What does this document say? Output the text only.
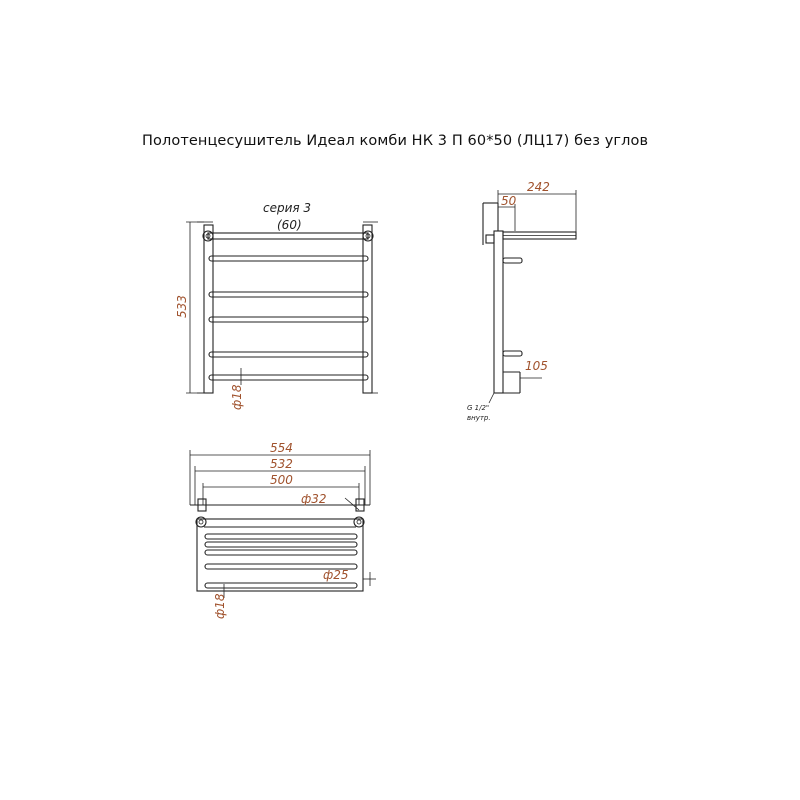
Полотенцесушитель Идеал комби НК 3 П 60*50 (ЛЦ17) без углов
533
ф18
серия 3
(60)
242
50
105
G 1/2"
внутр.
554
532
500
ф32
ф25
ф18
